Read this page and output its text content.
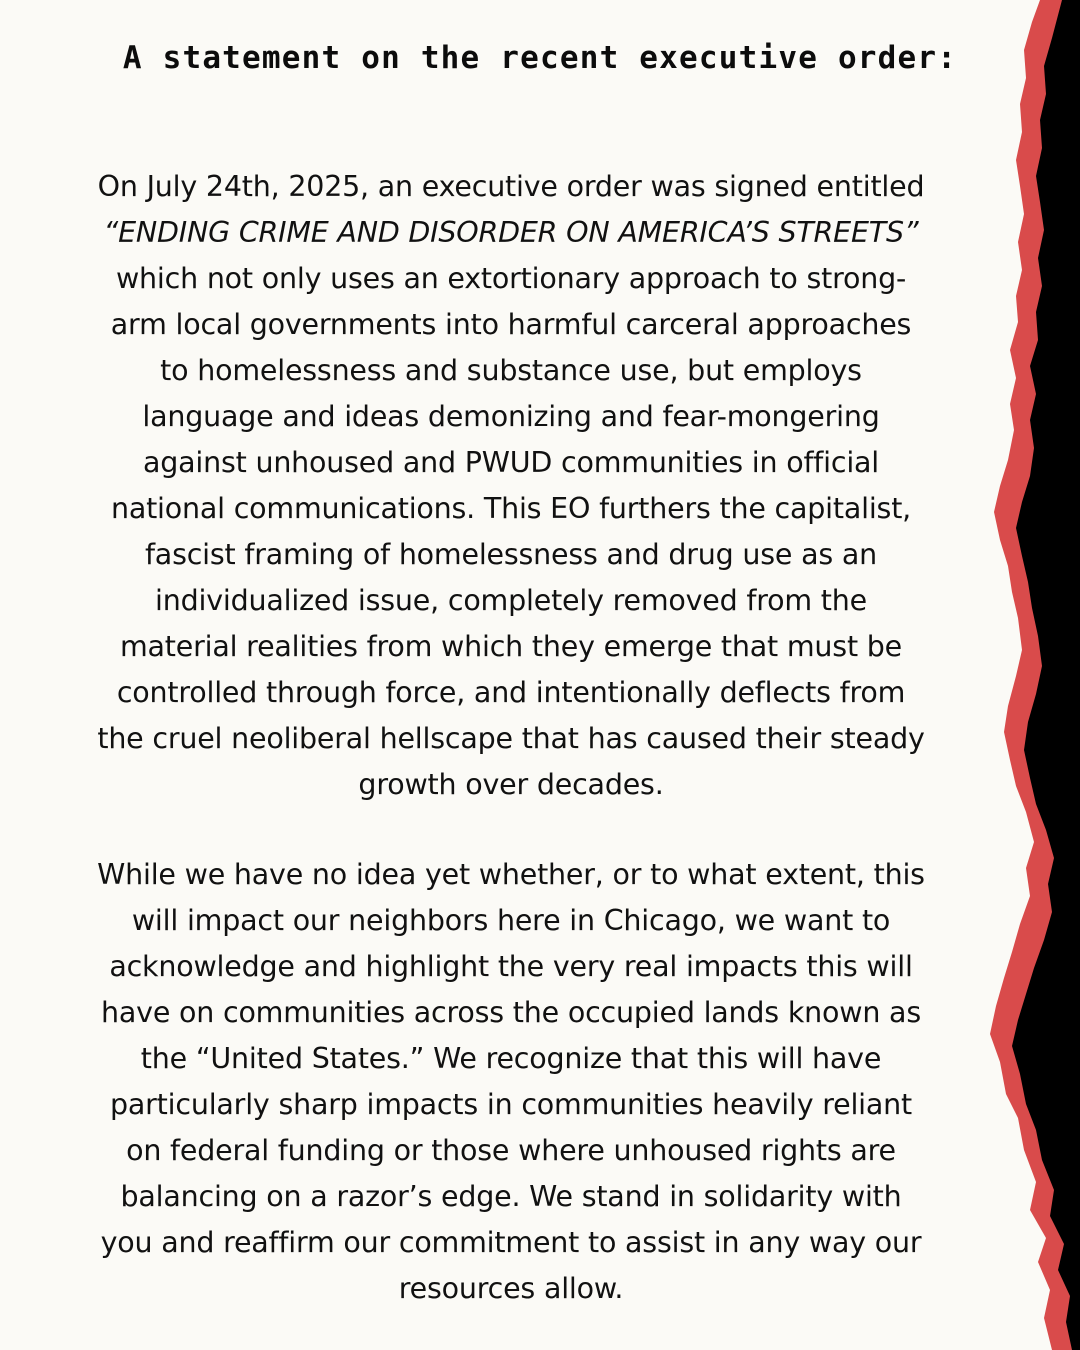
A statement on the recent executive order:

On July 24th, 2025, an executive order was signed entitled
“ENDING CRIME AND DISORDER ON AMERICA’S STREETS”
which not only uses an extortionary approach to strong-
arm local governments into harmful carceral approaches
to homelessness and substance use, but employs
language and ideas demonizing and fear-mongering
against unhoused and PWUD communities in official
national communications. This EO furthers the capitalist,
fascist framing of homelessness and drug use as an
individualized issue, completely removed from the
material realities from which they emerge that must be
controlled through force, and intentionally deflects from
the cruel neoliberal hellscape that has caused their steady
growth over decades.

While we have no idea yet whether, or to what extent, this
will impact our neighbors here in Chicago, we want to
acknowledge and highlight the very real impacts this will
have on communities across the occupied lands known as
the “United States.” We recognize that this will have
particularly sharp impacts in communities heavily reliant
on federal funding or those where unhoused rights are
balancing on a razor’s edge. We stand in solidarity with
you and reaffirm our commitment to assist in any way our
resources allow.
